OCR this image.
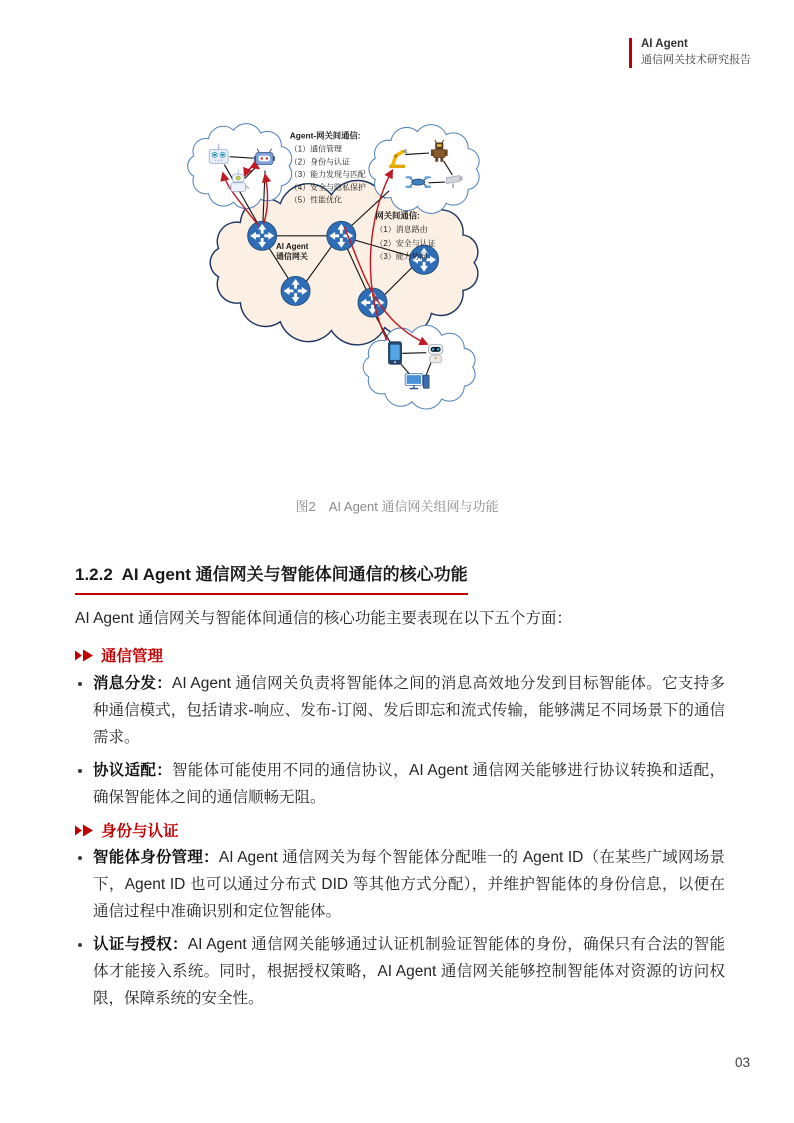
AI Agent
通信网关技术研究报告
Agent-网关间通信:
（1）通信管理
（2）身份与认证
（3）能力发现与匹配
（4）安全与隐私保护
（5）性能优化
网关间通信:
（1）消息路由
（2）安全与认证
（3）能力协同
AI Agent
通信网关
图2　AI Agent 通信网关组网与功能
1.2.2  AI Agent 通信网关与智能体间通信的核心功能

AI Agent 通信网关与智能体间通信的核心功能主要表现在以下五个方面：

通信管理

消息分发：AI Agent 通信网关负责将智能体之间的消息高效地分发到目标智能体。它支持多种通信模式，包括请求-响应、发布-订阅、发后即忘和流式传输，能够满足不同场景下的通信需求。

协议适配：智能体可能使用不同的通信协议，AI Agent 通信网关能够进行协议转换和适配，确保智能体之间的通信顺畅无阻。

身份与认证

智能体身份管理：AI Agent 通信网关为每个智能体分配唯一的 Agent ID（在某些广域网场景下，Agent ID 也可以通过分布式 DID 等其他方式分配），并维护智能体的身份信息，以便在通信过程中准确识别和定位智能体。

认证与授权：AI Agent 通信网关能够通过认证机制验证智能体的身份，确保只有合法的智能体才能接入系统。同时，根据授权策略，AI Agent 通信网关能够控制智能体对资源的访问权限，保障系统的安全性。

03
